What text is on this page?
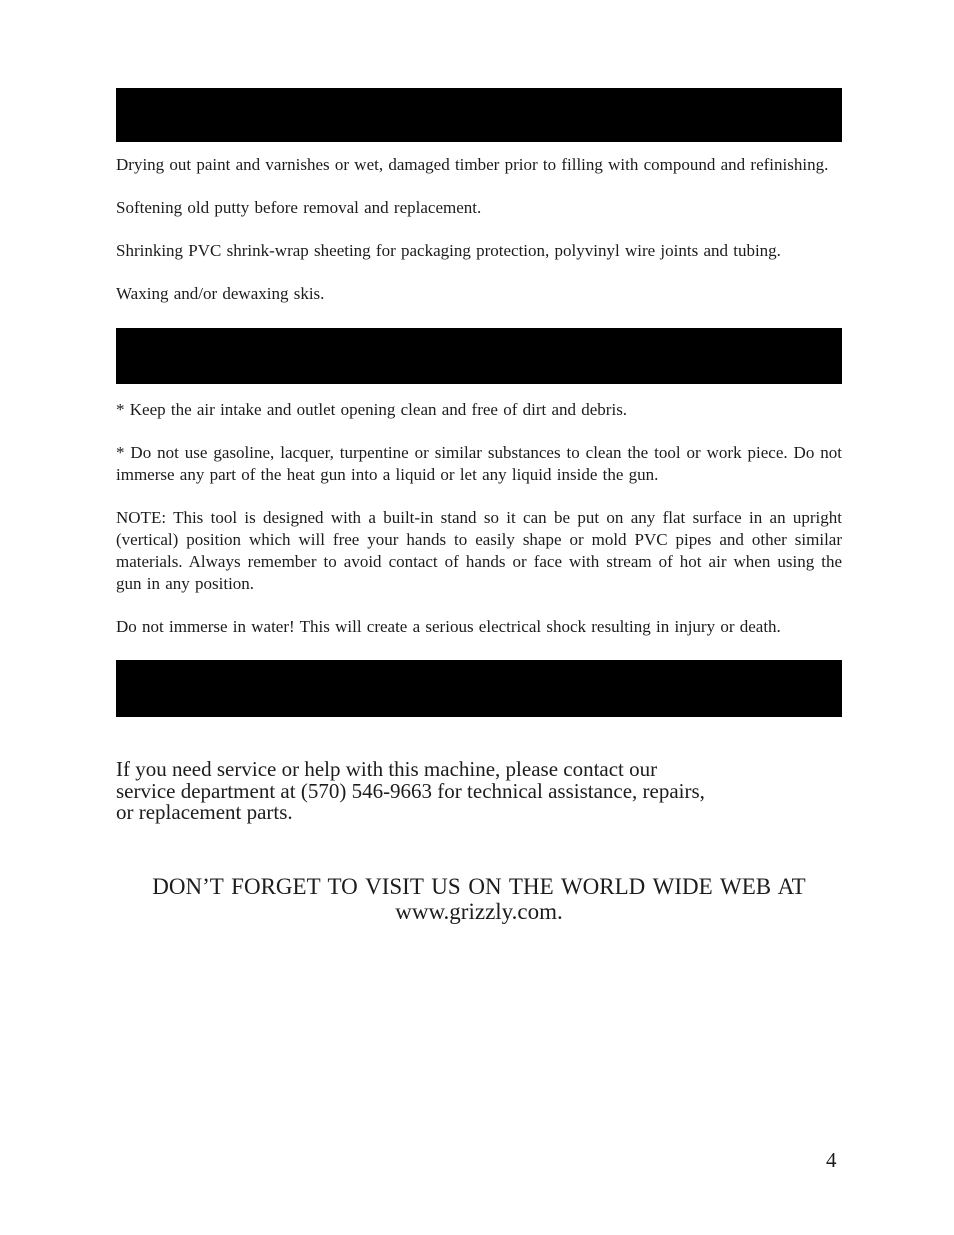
Drying out paint and varnishes or wet, damaged timber prior to filling with compound and refinishing.

Softening old putty before removal and replacement.

Shrinking PVC shrink-wrap sheeting for packaging protection, polyvinyl wire joints and tubing.

Waxing and/or dewaxing skis.

* Keep the air intake and outlet opening clean and free of dirt and debris.

* Do not use gasoline, lacquer, turpentine or similar substances to clean the tool or work piece. Do not immerse any part of the heat gun into a liquid or let any liquid inside the gun.

NOTE: This tool is designed with a built-in stand so it can be put on any flat surface in an upright (vertical) position which will free your hands to easily shape or mold PVC pipes and other similar materials. Always remember to avoid contact of hands or face with stream of hot air when using the gun in any position.

Do not immerse in water! This will create a serious electrical shock resulting in injury or death.

If you need service or help with this machine, please contact our
service department at (570) 546-9663 for technical assistance, repairs,
or replacement parts.
DON’T FORGET TO VISIT US ON THE WORLD WIDE WEB AT
www.grizzly.com.
4
